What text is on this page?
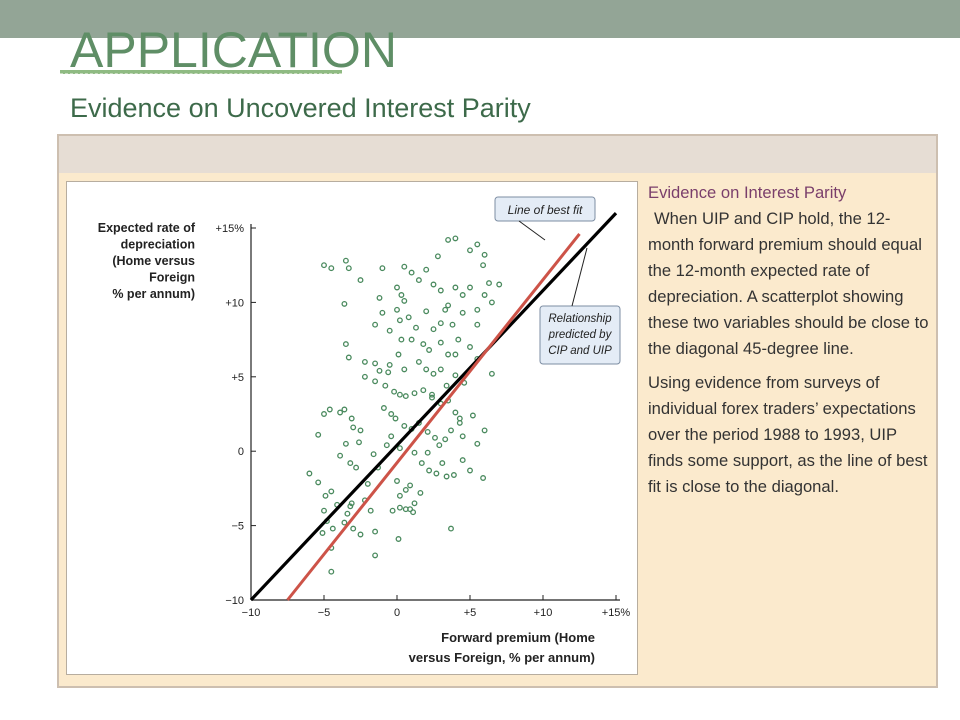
APPLICATION
Evidence on Uncovered Interest Parity
Expected rate of
depreciation
(Home versus
Foreign
% per annum)
−10
−5
0
+5
+10
+15%
−10	−5	0	+5	+10	+15%
Line of best fit
Relationship
predicted by
CIP and UIP
Forward premium (Home
versus Foreign, % per annum)

Evidence on Interest Parity

When UIP and CIP hold, the 12-month forward premium should equal the 12-month expected rate of depreciation. A scatterplot showing these two variables should be close to the diagonal 45-degree line.

Using evidence from surveys of individual forex traders’ expectations over the period 1988 to 1993, UIP finds some support, as the line of best fit is close to the diagonal.
